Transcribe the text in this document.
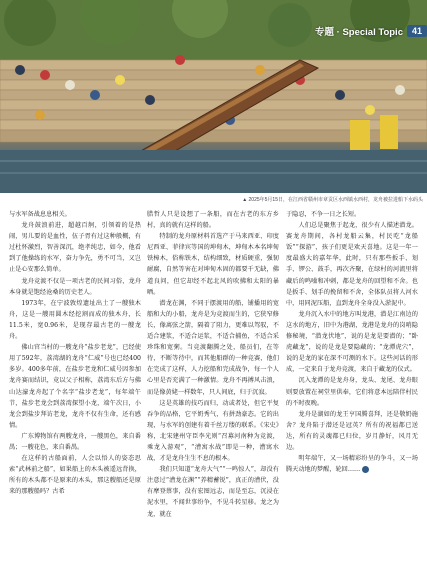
专题 · Special Topic	41
▲ 2025年5月15日，在江西省赣州市章贡区水西镇水西村，龙舟被拉进船下水码头

与水军备战息息相关。

龙舟鼓浪前进，超越百舸，引领着的是热闹，男儿要的是血性，伍子胥有过这种般概，有过杜怀激烈，智善深沉，绝孝纯忠，如今，他看到了他操练的水军，奋力争先，勇不可当，又岂止是心安那么简单。

龙舟竞渡不仅是一项古老的民间习俗，龙舟本身就是饱经沧桑的历史老人。

1973年，在宁波敦煌遗址出土了一艘独木舟，这是一艘用圆木经挖割而成的独木舟，长11.5米，宽0.96米，是现存最古老的一艘龙舟。

佛山官当村的一艘龙舟“盐步老龙”，已经使用了592年，荔湾湖的龙舟“仁威”号也已经400多岁。400多年前，在盐步老龙和仁威号因参加龙舟赛而结识，竟以父子相称，荔湾东后方与佛山达濠龙舟起了个名字“盐步老龙”，每年端午节，盐步老龙会到荔湾探望小龙，端午次日，小龙会到盐步拜访老龙，龙舟不仅有生命，还有感情。

广东博物馆有两艘龙舟，一艘黑色，来自番禺；一艘花色，来自番禺。

在这样的古船面前，人会以悟人的姿态思索“武林前之船”，如果船上的木头被遥远背换，所有的木头都不是原来的木头，那这艘船还是原来的那艘船吗？古希

腊哲人只是设想了一条船，而在古老的东方乡村，真的就有这样的船。

特制的龙舟原材料首选产于马来西亚、印度尼西亚、菲律宾等国的坤甸木，坤甸木本名坤甸铁樟木，俗称铁木，结构细致，材质硬重，强韧耐腐，自然等害在对坤甸木固的都要千无缺，佛道良问，但它却经不起北风的吹拂和太阳的暴晒。

潜龙在渊，不同于摆渡用的船，铺播用的宽船和大的小船，龙舟是为竞渡而生的，它狭窄修长，像离弦之箭，隔着了阻力，更难以驾驭，不适合建浆，不适合运浆，不适合捕鱼，不适合采珍珠和宽粥。当竞渡翻腾之处，船员们，在等待，不断等待中，而其他船群的一种竞赛，他们在完成了这样，人力挖船和完成战争，每一个人心里是否充满了一种激情。龙舟不再搏风击浪，而是像黄姥一样数年，只人间底，归于沉寂。

这是英雄的技巧而归，动或者处，但它平复吞争的品格，它平奶秀气，有拼劲豪态。它的出现，与水军的创建有着千丝万缕的联系。《宋史》称，北宋建州守臣李光则“召募河南种为竞渡，乘龙入游观”，“漕寓水战”即是一种，漕寓水战，才是龙舟生生不息的根本。

我们只知道“龙舟大气”“一鸣惊人”，却没有注意过“漕龙在渊”“养精蓄锐”，真正的漕伏，没有摩登蔡事，没有宏图远志，而是至忘，沉浸在泥水里，不闻世事纷争，不见斗转星移。龙之为龙，就在

于隐忍，不争一日之长短。

人们总是聚焦于起龙，很少有人描述潜龙。赛龙舟期间，各村龙船云集，村民吃“龙船饭”“探游”，孩子们更是欢天喜地。这是一年一度最盛大的嘉年华，此时，只有那些扳手、划手、锣公、鼓手，再次齐聚，在绿村的河流里将藏后的鸣噪和冲刺，都是龙舟的回望和不舍。也是扳手、划手的挽留和不舍，全体队员将人河水中，用同泥压船，直到龙舟全身没入淤泥中。

龙舟沉入水中的地方叫龙港，潜是江南边的这水的地方，旧中为港湖，龙港是龙舟的岗哨隐修秘境，“潜龙伏地”，说的是龙是要潜的；“卧虎藏龙”，说的是龙是要隐藏的；“龙潭虎穴”，说的是龙的家在深不可测的水下。这些河话的形成，一定来自于龙舟竞渡，来自于藏龙的仪式。

沉入龙潭的是龙舟身，龙头、龙尾、龙舟眼则要放置在祠堂里供奉，它们将意本远陪伴村民的不时夜晚。

龙舟是湖如的龙王亨国腾喜拜，还是敬奶施舍？龙舟陷于潜还是冠英？所有的祝福都已送达，所有的灵魂都已归位，岁月静好，风月无边。

明年端午，又一场精彩纷呈的争斗，又一场腾天动地的梦醒，轮回……
